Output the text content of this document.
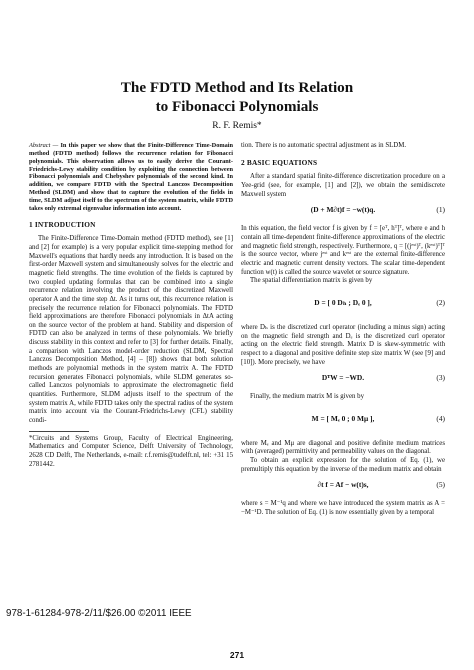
The FDTD Method and Its Relation
to Fibonacci Polynomials
R. F. Remis*

Abstract — In this paper we show that the Finite-Difference Time-Domain method (FDTD method) follows the recurrence relation for Fibonacci polynomials. This observation allows us to easily derive the Courant-Friedrichs-Lewy stability condition by exploiting the connection between Fibonacci polynomials and Chebyshev polynomials of the second kind. In addition, we compare FDTD with the Spectral Lanczos Decomposition Method (SLDM) and show that to capture the evolution of the fields in time, SLDM adjust itself to the spectrum of the system matrix, while FDTD takes only extremal eigenvalue information into account.

1 INTRODUCTION

The Finite-Difference Time-Domain method (FDTD method), see [1] and [2] for example) is a very popular explicit time-stepping method for Maxwell's equations that hardly needs any introduction. It is based on the first-order Maxwell system and simultaneously solves for the electric and magnetic field strengths. The time evolution of the fields is captured by two coupled updating formulas that can be combined into a single recurrence relation involving the product of the discretized Maxwell operator A and the time step Δt. As it turns out, this recurrence relation is precisely the recurrence relation for Fibonacci polynomials. The FDTD field approximations are therefore Fibonacci polynomials in ΔtA acting on the source vector of the problem at hand. Stability and dispersion of FDTD can also be analyzed in terms of these polynomials. We briefly discuss stability in this context and refer to [3] for further details. Finally, a comparison with Lanczos model-order reduction (SLDM, Spectral Lanczos Decomposition Method, [4] – [8]) shows that both solution methods are polynomial methods in the system matrix A. The FDTD recursion generates Fibonacci polynomials, while SLDM generates so-called Lanczos polynomials to approximate the electromagnetic field quantities. Furthermore, SLDM adjusts itself to the spectrum of the system matrix A, while FDTD takes only the spectral radius of the system matrix into account via the Courant-Friedrichs-Lewy (CFL) stability condi-

*Circuits and Systems Group, Faculty of Electrical Engineering, Mathematics and Computer Science, Delft University of Technology, 2628 CD Delft, The Netherlands, e-mail: r.f.remis@tudelft.nl, tel: +31 15 2781442.

tion. There is no automatic spectral adjustment as in SLDM.

2 BASIC EQUATIONS

After a standard spatial finite-difference discretization procedure on a Yee-grid (see, for example, [1] and [2]), we obtain the semidiscrete Maxwell system

(D + M∂t)f = −w(t)q.	(1)

In this equation, the field vector f is given by f = [eᵀ, hᵀ]ᵀ, where e and h contain all time-dependent finite-difference approximations of the electric and magnetic field strength, respectively. Furthermore, q = [(jᵉˣᵗ)ᵀ, (kᵉˣᵗ)ᵀ]ᵀ is the source vector, where jᵉˣᵗ and kᵉˣᵗ are the external finite-difference electric and magnetic current density vectors. The scalar time-dependent function w(t) is called the source wavelet or source signature.

The spatial differentiation matrix is given by

D = [ 0 Dₕ ; Dₑ 0 ],	(2)

where Dₕ is the discretized curl operator (including a minus sign) acting on the magnetic field strength and Dₑ is the discretized curl operator acting on the electric field strength. Matrix D is skew-symmetric with respect to a diagonal and positive definite step size matrix W (see [9] and [10]). More precisely, we have

DᵀW = −WD.	(3)

Finally, the medium matrix M is given by

M = [ Mₑ 0 ; 0 Mμ ],	(4)

where Mₑ and Mμ are diagonal and positive definite medium matrices with (averaged) permittivity and permeability values on the diagonal.

To obtain an explicit expression for the solution of Eq. (1), we premultiply this equation by the inverse of the medium matrix and obtain

∂t f = Af − w(t)s,	(5)

where s = M⁻¹q and where we have introduced the system matrix as A = −M⁻¹D. The solution of Eq. (1) is now essentially given by a temporal

978-1-61284-978-2/11/$26.00 ©2011 IEEE
271
